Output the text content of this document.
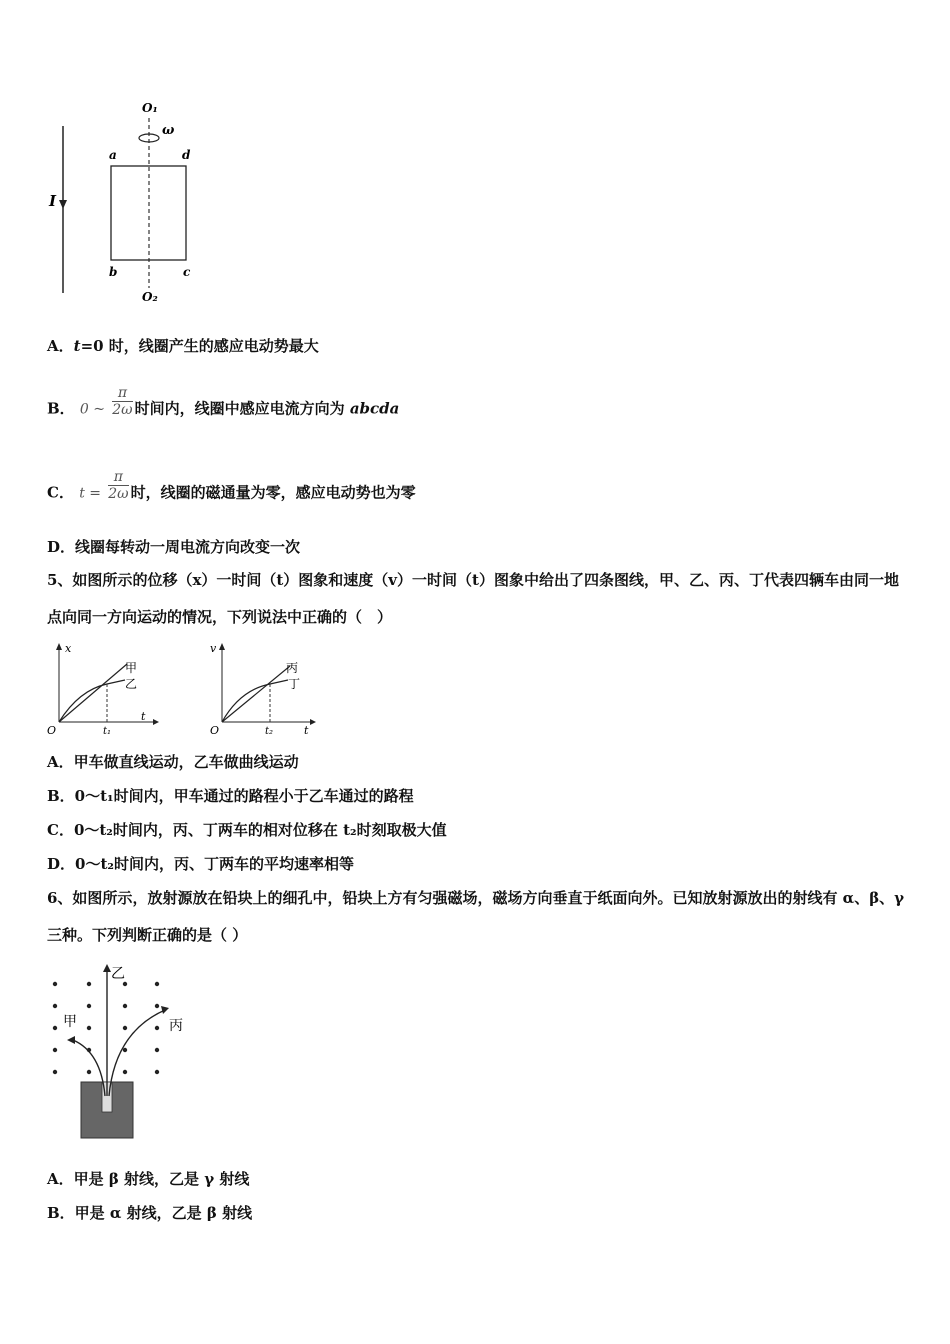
I
O₁
ω
a	d
b	c
O₂
A．t=0 时，线圈产生的感应电动势最大
B． 0 ~ $\frac{\pi}{2\omega}$ 时间内，线圈中感应电流方向为 abcda
C． $t = \frac{\pi}{2\omega}$ 时，线圈的磁通量为零，感应电动势也为零
D．线圈每转动一周电流方向改变一次
5、如图所示的位移（x）一时间（t）图象和速度（v）一时间（t）图象中给出了四条图线，甲、乙、丙、丁代表四辆车由同一地点向同一方向运动的情况，下列说法中正确的（　）
x
t
O	t₁
甲
乙
v
t
O	t₂
丙
丁
A．甲车做直线运动，乙车做曲线运动
B．0～t₁时间内，甲车通过的路程小于乙车通过的路程
C．0～t₂时间内，丙、丁两车的相对位移在 t₂时刻取极大值
D．0～t₂时间内，丙、丁两车的平均速率相等
6、如图所示，放射源放在铅块上的细孔中，铅块上方有匀强磁场，磁场方向垂直于纸面向外。已知放射源放出的射线有 α、β、γ 三种。下列判断正确的是（ ）
甲
乙
丙
A．甲是 β 射线，乙是 γ 射线
B．甲是 α 射线，乙是 β 射线
